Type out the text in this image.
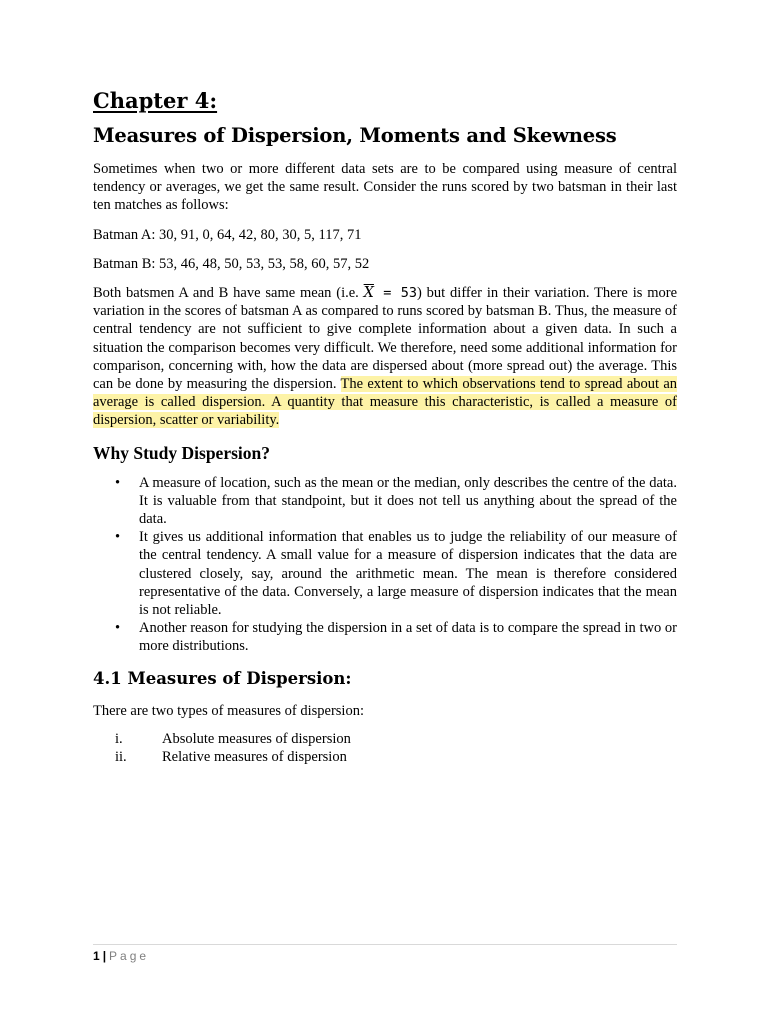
Chapter 4:
Measures of Dispersion, Moments and Skewness

Sometimes when two or more different data sets are to be compared using measure of central tendency or averages, we get the same result. Consider the runs scored by two batsman in their last ten matches as follows:

Batman A: 30, 91, 0, 64, 42, 80, 30, 5, 117, 71

Batman B: 53, 46, 48, 50, 53, 53, 58, 60, 57, 52

Both batsmen A and B have same mean (i.e. $\overline{X} = 53$) but differ in their variation. There is more variation in the scores of batsman A as compared to runs scored by batsman B. Thus, the measure of central tendency are not sufficient to give complete information about a given data. In such a situation the comparison becomes very difficult. We therefore, need some additional information for comparison, concerning with, how the data are dispersed about (more spread out) the average. This can be done by measuring the dispersion. The extent to which observations tend to spread about an average is called dispersion. A quantity that measure this characteristic, is called a measure of dispersion, scatter or variability.

Why Study Dispersion?
• A measure of location, such as the mean or the median, only describes the centre of the data. It is valuable from that standpoint, but it does not tell us anything about the spread of the data.
• It gives us additional information that enables us to judge the reliability of our measure of the central tendency. A small value for a measure of dispersion indicates that the data are clustered closely, say, around the arithmetic mean. The mean is therefore considered representative of the data. Conversely, a large measure of dispersion indicates that the mean is not reliable.
• Another reason for studying the dispersion in a set of data is to compare the spread in two or more distributions.
4.1 Measures of Dispersion:

There are two types of measures of dispersion:

i.	Absolute measures of dispersion
ii. Relative measures of dispersion
1 | Page
